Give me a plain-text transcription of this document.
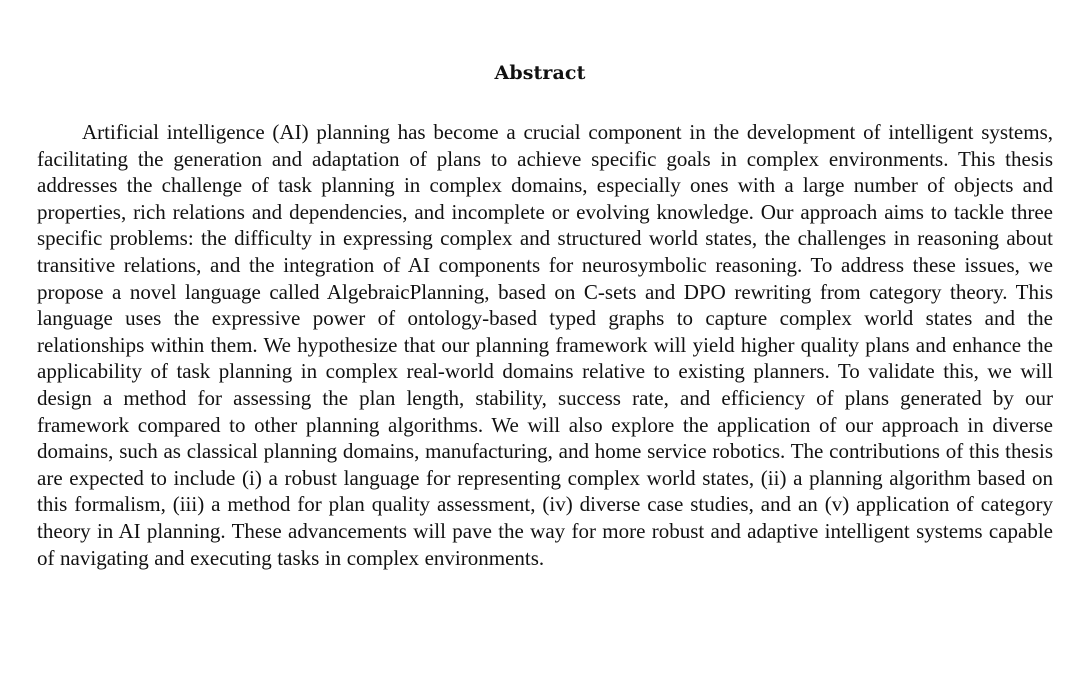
Abstract

Artificial intelligence (AI) planning has become a crucial component in the development of intelligent systems, facilitating the generation and adaptation of plans to achieve specific goals in complex environments. This thesis addresses the challenge of task planning in complex domains, especially ones with a large number of objects and properties, rich relations and dependencies, and incomplete or evolving knowledge. Our approach aims to tackle three specific problems: the difficulty in expressing complex and structured world states, the challenges in reasoning about transitive relations, and the integration of AI components for neurosymbolic reasoning. To address these issues, we propose a novel language called AlgebraicPlanning, based on C-sets and DPO rewriting from category theory. This language uses the expressive power of ontology-based typed graphs to capture complex world states and the relationships within them. We hypothesize that our planning framework will yield higher quality plans and enhance the applicability of task planning in complex real-world domains relative to existing planners. To validate this, we will design a method for assessing the plan length, stability, success rate, and efficiency of plans generated by our framework compared to other planning algorithms. We will also explore the application of our approach in diverse domains, such as classical planning domains, manufacturing, and home service robotics. The contributions of this thesis are expected to include (i) a robust language for representing complex world states, (ii) a planning algorithm based on this formalism, (iii) a method for plan quality assessment, (iv) diverse case studies, and an (v) application of category theory in AI planning. These advancements will pave the way for more robust and adaptive intelligent systems capable of navigating and executing tasks in complex environments.
